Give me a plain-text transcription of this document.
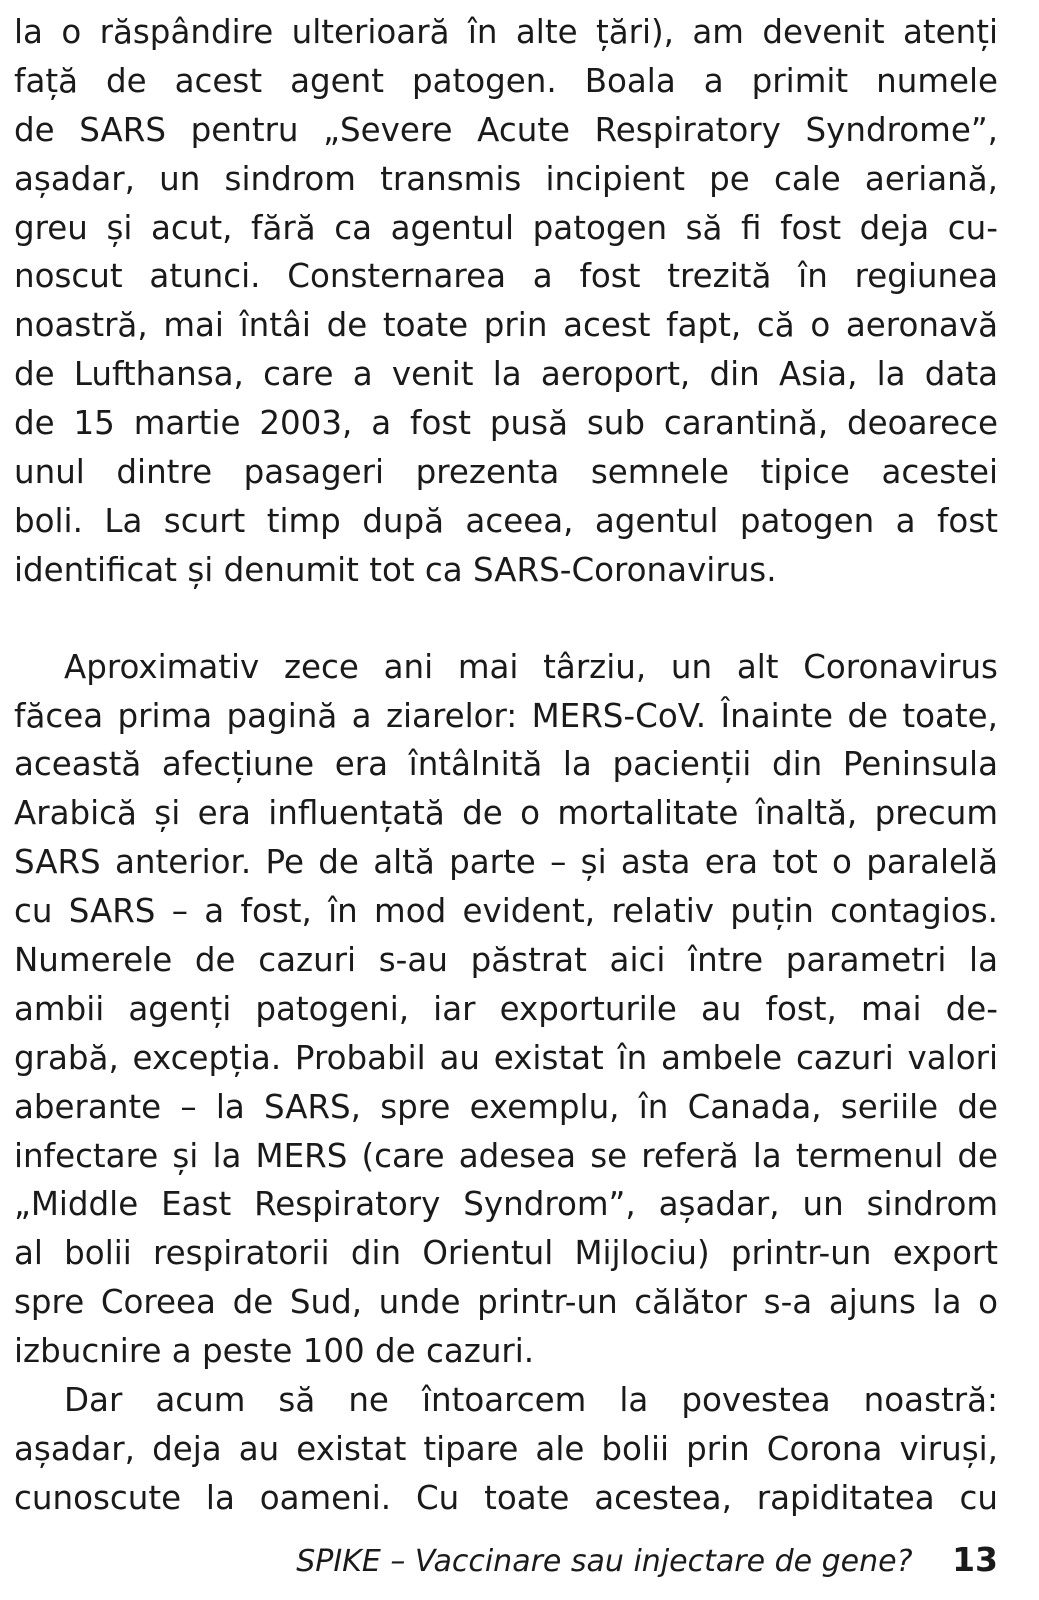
la o răspândire ulterioară în alte țări), am devenit atenți
față de acest agent patogen. Boala a primit numele
de SARS pentru „Severe Acute Respiratory Syndrome”,
așadar, un sindrom transmis incipient pe cale aeriană,
greu și acut, fără ca agentul patogen să fi fost deja cu-
noscut atunci. Consternarea a fost trezită în regiunea
noastră, mai întâi de toate prin acest fapt, că o aeronavă
de Lufthansa, care a venit la aeroport, din Asia, la data
de 15 martie 2003, a fost pusă sub carantină, deoarece
unul dintre pasageri prezenta semnele tipice acestei
boli. La scurt timp după aceea, agentul patogen a fost
identificat și denumit tot ca SARS-Coronavirus.
Aproximativ zece ani mai târziu, un alt Coronavirus
făcea prima pagină a ziarelor: MERS-CoV. Înainte de toate,
această afecțiune era întâlnită la pacienții din Peninsula
Arabică și era influențată de o mortalitate înaltă, precum
SARS anterior. Pe de altă parte – și asta era tot o paralelă
cu SARS – a fost, în mod evident, relativ puțin contagios.
Numerele de cazuri s-au păstrat aici între parametri la
ambii agenți patogeni, iar exporturile au fost, mai de-
grabă, excepția. Probabil au existat în ambele cazuri valori
aberante – la SARS, spre exemplu, în Canada, seriile de
infectare și la MERS (care adesea se referă la termenul de
„Middle East Respiratory Syndrom”, așadar, un sindrom
al bolii respiratorii din Orientul Mijlociu) printr-un export
spre Coreea de Sud, unde printr-un călător s-a ajuns la o
izbucnire a peste 100 de cazuri.
Dar acum să ne întoarcem la povestea noastră:
așadar, deja au existat tipare ale bolii prin Corona viruși,
cunoscute la oameni. Cu toate acestea, rapiditatea cu
SPIKE – Vaccinare sau injectare de gene? 13
